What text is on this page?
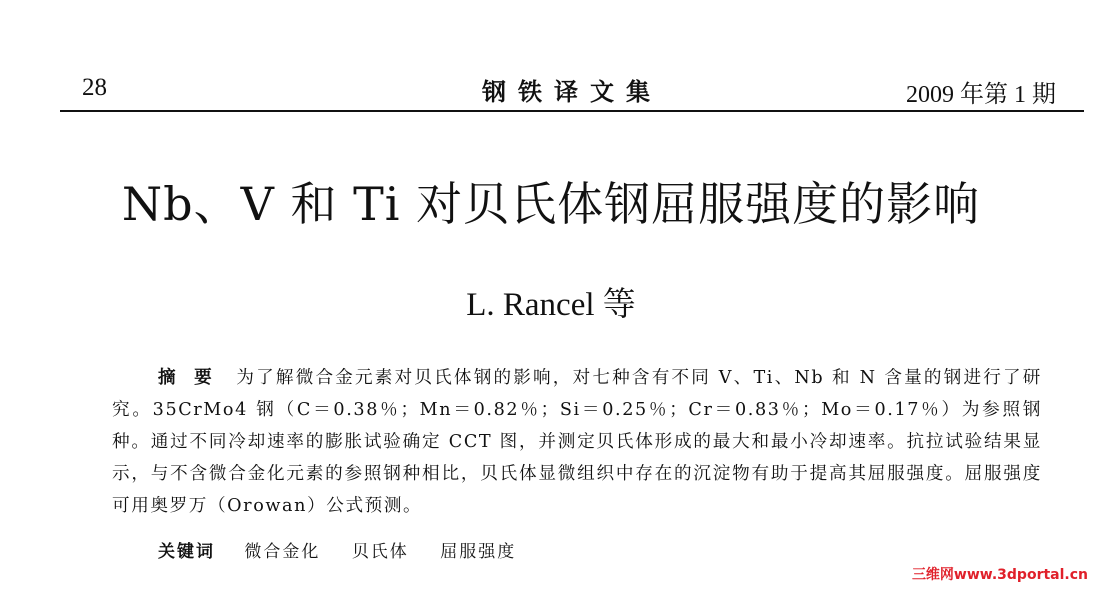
28	钢铁译文集	2009 年第 1 期
Nb、V 和 Ti 对贝氏体钢屈服强度的影响
L. Rancel 等
摘要 为了解微合金元素对贝氏体钢的影响，对七种含有不同 V、Ti、Nb 和 N 含量的钢进行了研究。35CrMo4 钢（C＝0.38％；Mn＝0.82％；Si＝0.25％；Cr＝0.83％；Mo＝0.17％）为参照钢种。通过不同冷却速率的膨胀试验确定 CCT 图，并测定贝氏体形成的最大和最小冷却速率。抗拉试验结果显示，与不含微合金化元素的参照钢种相比，贝氏体显微组织中存在的沉淀物有助于提高其屈服强度。屈服强度可用奥罗万（Orowan）公式预测。
关键词 微合金化 贝氏体 屈服强度
三维网www.3dportal.cn
